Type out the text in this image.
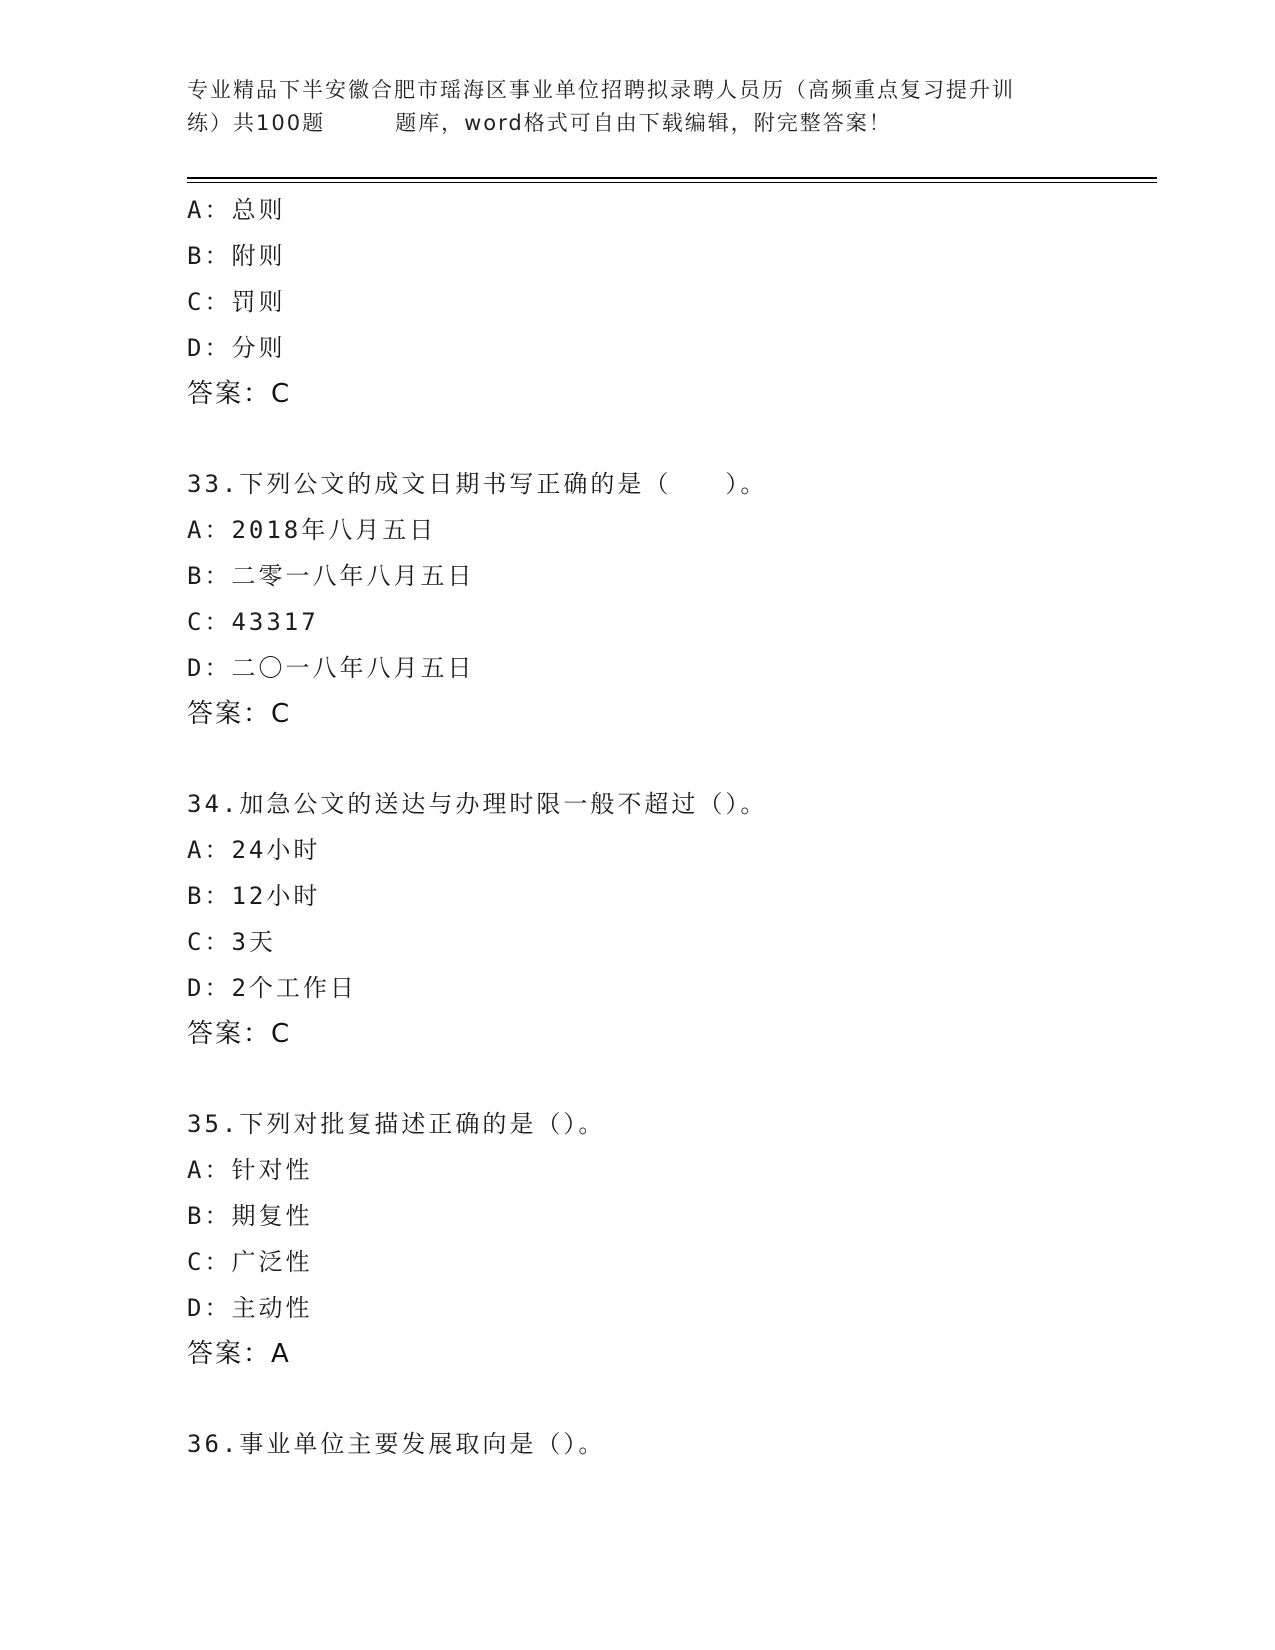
专业精品下半安徽合肥市瑶海区事业单位招聘拟录聘人员历（高频重点复习提升训
练）共100题	题库，word格式可自由下载编辑，附完整答案！
A：总则
B：附则
C：罚则
D：分则
答案：C
33.下列公文的成文日期书写正确的是（　　）。
A：2018年八月五日
B：二零一八年八月五日
C：43317
D：二〇一八年八月五日
答案：C
34.加急公文的送达与办理时限一般不超过（）。
A：24小时
B：12小时
C：3天
D：2个工作日
答案：C
35.下列对批复描述正确的是（）。
A：针对性
B：期复性
C：广泛性
D：主动性
答案：A
36.事业单位主要发展取向是（）。
